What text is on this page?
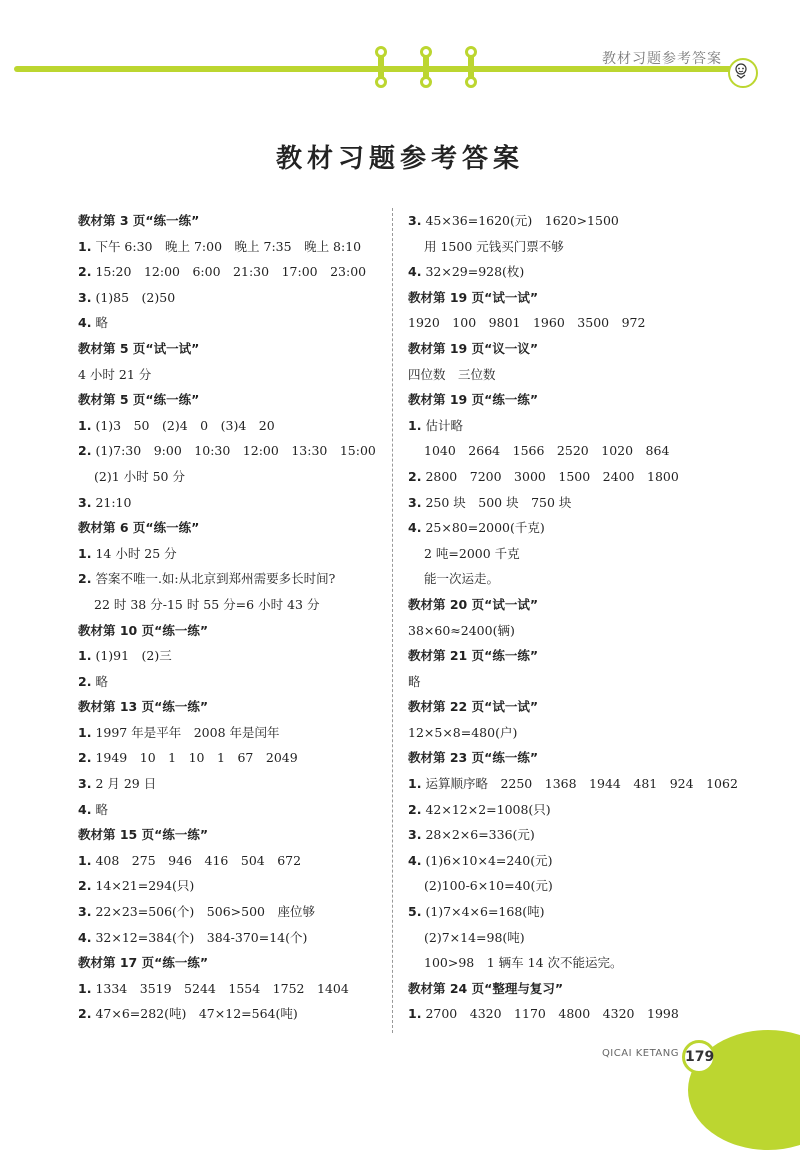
教材习题参考答案
教材习题参考答案
教材第 3 页“练一练”
1. 下午 6:30　晚上 7:00　晚上 7:35　晚上 8:10
2. 15:20　12:00　6:00　21:30　17:00　23:00
3. (1)85　(2)50
4. 略
教材第 5 页“试一试”
4 小时 21 分
教材第 5 页“练一练”
1. (1)3　50　(2)4　0　(3)4　20
2. (1)7:30　9:00　10:30　12:00　13:30　15:00
(2)1 小时 50 分
3. 21:10
教材第 6 页“练一练”
1. 14 小时 25 分
2. 答案不唯一.如:从北京到郑州需要多长时间?
22 时 38 分-15 时 55 分=6 小时 43 分
教材第 10 页“练一练”
1. (1)91　(2)三
2. 略
教材第 13 页“练一练”
1. 1997 年是平年　2008 年是闰年
2. 1949　10　1　10　1　67　2049
3. 2 月 29 日
4. 略
教材第 15 页“练一练”
1. 408　275　946　416　504　672
2. 14×21=294(只)
3. 22×23=506(个)　506>500　座位够
4. 32×12=384(个)　384-370=14(个)
教材第 17 页“练一练”
1. 1334　3519　5244　1554　1752　1404
2. 47×6=282(吨)　47×12=564(吨)
3. 45×36=1620(元)　1620>1500
用 1500 元钱买门票不够
4. 32×29=928(枚)
教材第 19 页“试一试”
1920　100　9801　1960　3500　972
教材第 19 页“议一议”
四位数　三位数
教材第 19 页“练一练”
1. 估计略
1040　2664　1566　2520　1020　864
2. 2800　7200　3000　1500　2400　1800
3. 250 块　500 块　750 块
4. 25×80=2000(千克)
2 吨=2000 千克
能一次运走。
教材第 20 页“试一试”
38×60≈2400(辆)
教材第 21 页“练一练”
略
教材第 22 页“试一试”
12×5×8=480(户)
教材第 23 页“练一练”
1. 运算顺序略　2250　1368　1944　481　924　1062
2. 42×12×2=1008(只)
3. 28×2×6=336(元)
4. (1)6×10×4=240(元)
(2)100-6×10=40(元)
5. (1)7×4×6=168(吨)
(2)7×14=98(吨)
100>98　1 辆车 14 次不能运完。
教材第 24 页“整理与复习”
1. 2700　4320　1170　4800　4320　1998
QICAI KETANG 179
